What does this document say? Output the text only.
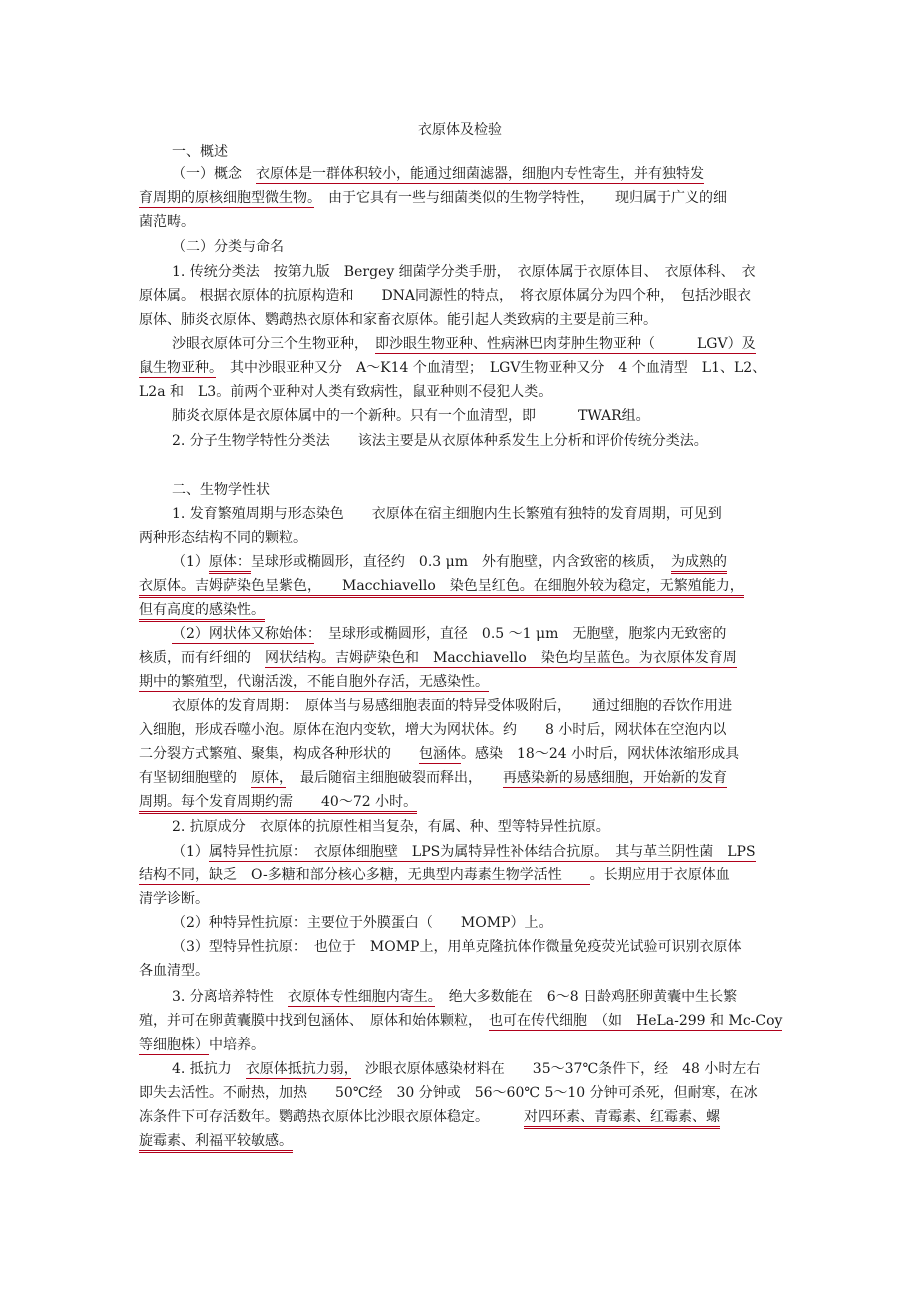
衣原体及检验
一、概述
（一）概念　衣原体是一群体积较小，能通过细菌滤器，细胞内专性寄生，并有独特发
育周期的原核细胞型微生物。　由于它具有一些与细菌类似的生物学特性，　　现归属于广义的细
菌范畴。
（二）分类与命名
1. 传统分类法　按第九版　Bergey 细菌学分类手册，　衣原体属于衣原体目、　衣原体科、　衣
原体属。 根据衣原体的抗原构造和　　DNA同源性的特点，　将衣原体属分为四个种，　包括沙眼衣
原体、肺炎衣原体、鹦鹉热衣原体和家畜衣原体。能引起人类致病的主要是前三种。
沙眼衣原体可分三个生物亚种，　即沙眼生物亚种、性病淋巴肉芽肿生物亚种（　　　LGV）及
鼠生物亚种。　其中沙眼亚种又分　A～K14 个血清型；　LGV生物亚种又分　4 个血清型　L1、L2、
L2a 和　L3。前两个亚种对人类有致病性，鼠亚种则不侵犯人类。
肺炎衣原体是衣原体属中的一个新种。只有一个血清型，即　　　TWAR组。
2. 分子生物学特性分类法　　该法主要是从衣原体种系发生上分析和评价传统分类法。
二、生物学性状
1. 发育繁殖周期与形态染色　　衣原体在宿主细胞内生长繁殖有独特的发育周期，可见到
两种形态结构不同的颗粒。
（1）原体：呈球形或椭圆形，直径约　0.3 μm　外有胞壁，内含致密的核质，　为成熟的
衣原体。吉姆萨染色呈紫色，　　Macchiavello　染色呈红色。在细胞外较为稳定，无繁殖能力，
但有高度的感染性。
（2）网状体又称始体：　呈球形或椭圆形，直径　0.5 ～1 μm　无胞壁，胞浆内无致密的
核质，而有纤细的　网状结构。吉姆萨染色和　Macchiavello　染色均呈蓝色。为衣原体发育周
期中的繁殖型，代谢活泼，不能自胞外存活，无感染性。
衣原体的发育周期：　原体当与易感细胞表面的特异受体吸附后，　　通过细胞的吞饮作用进
入细胞，形成吞噬小泡。原体在泡内变软，增大为网状体。约　　8 小时后，网状体在空泡内以
二分裂方式繁殖、聚集，构成各种形状的　　包涵体。感染　18～24 小时后，网状体浓缩形成具
有坚韧细胞壁的　原体，　最后随宿主细胞破裂而释出，　　再感染新的易感细胞，开始新的发育
周期。每个发育周期约需　　40～72 小时。
2. 抗原成分　衣原体的抗原性相当复杂，有属、种、型等特异性抗原。
（1）属特异性抗原：　衣原体细胞壁　LPS为属特异性补体结合抗原。　其与革兰阴性菌　LPS
结构不同，缺乏　O-多糖和部分核心多糖，无典型内毒素生物学活性　　。长期应用于衣原体血
清学诊断。
（2）种特异性抗原：主要位于外膜蛋白（　　MOMP）上。
（3）型特异性抗原：　也位于　MOMP上，用单克隆抗体作微量免疫荧光试验可识别衣原体
各血清型。
3. 分离培养特性　衣原体专性细胞内寄生。　绝大多数能在　6～8 日龄鸡胚卵黄囊中生长繁
殖，并可在卵黄囊膜中找到包涵体、　原体和始体颗粒，　也可在传代细胞　（如　HeLa-299 和 Mc-Coy
等细胞株）中培养。
4. 抵抗力　衣原体抵抗力弱，　沙眼衣原体感染材料在　　35～37℃条件下，经　48 小时左右
即失去活性。不耐热，加热　　50℃经　30 分钟或　56～60℃ 5～10 分钟可杀死，但耐寒，在冰
冻条件下可存活数年。鹦鹉热衣原体比沙眼衣原体稳定。　　　对四环素、青霉素、红霉素、螺
旋霉素、利福平较敏感。
